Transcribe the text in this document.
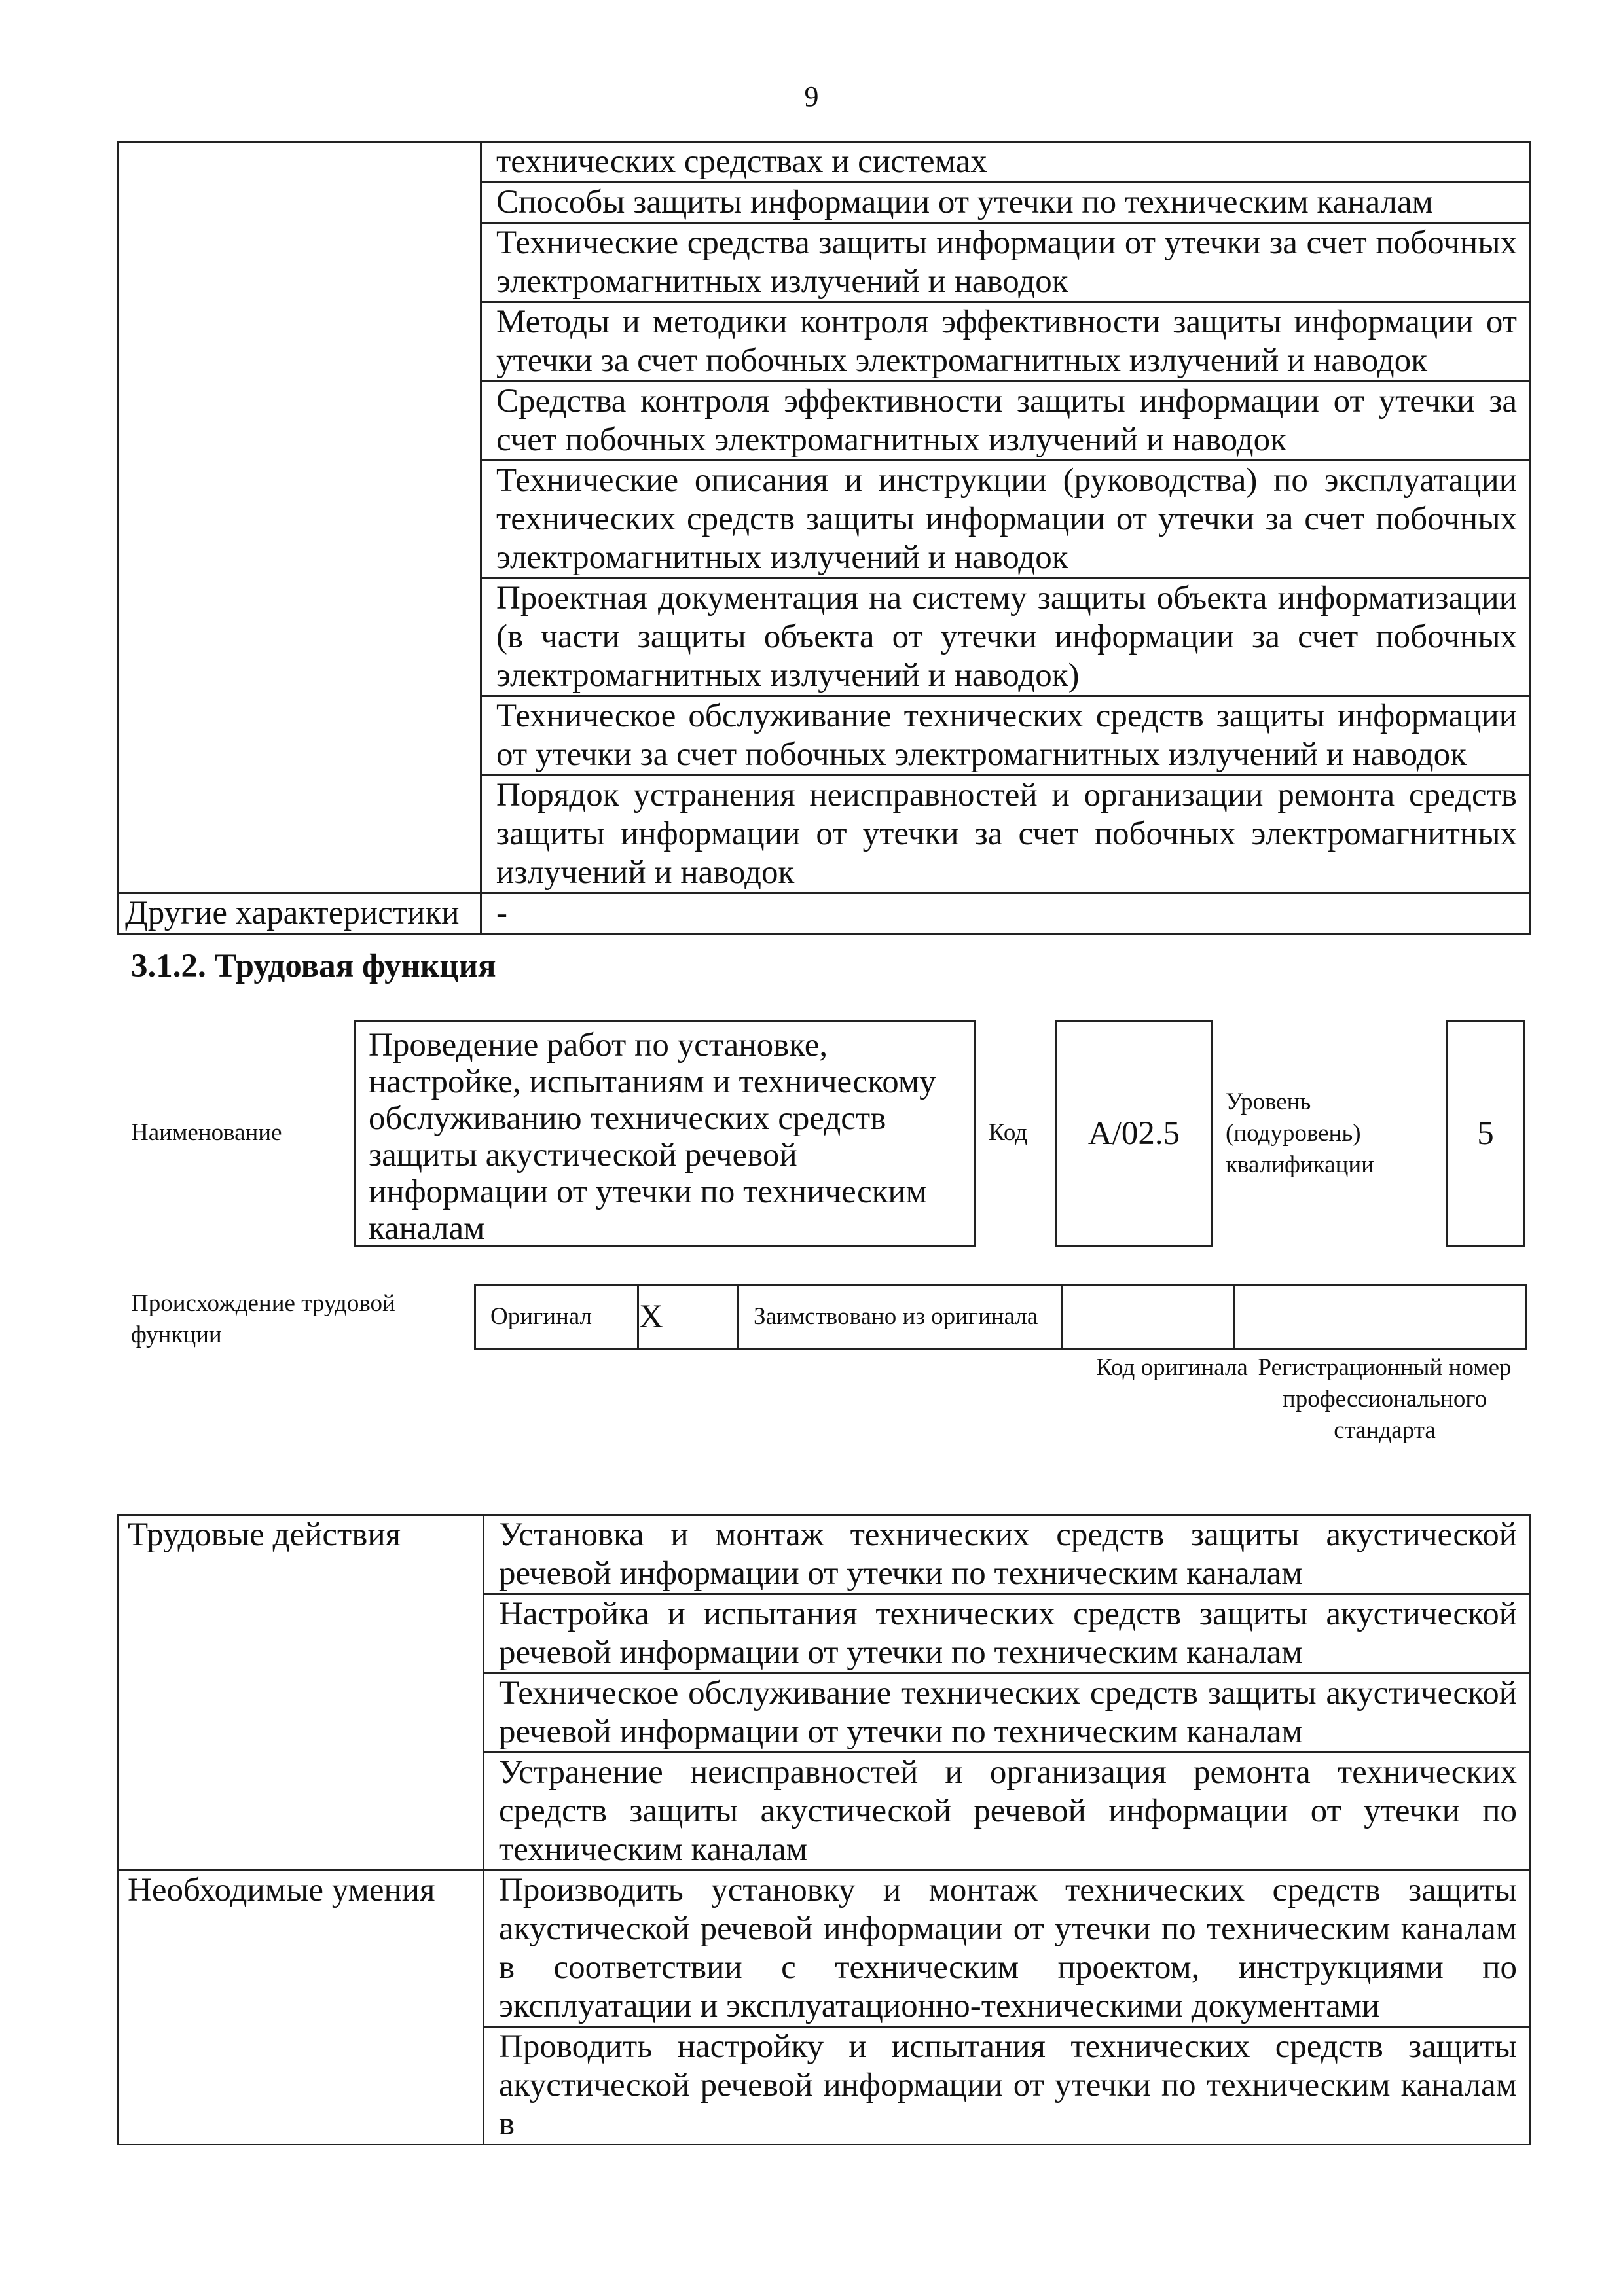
9
	технических средствах и системах
	Способы защиты информации от утечки по техническим каналам
	Технические средства защиты информации от утечки за счет побочных электромагнитных излучений и наводок
	Методы и методики контроля эффективности защиты информации от утечки за счет побочных электромагнитных излучений и наводок
	Средства контроля эффективности защиты информации от утечки за счет побочных электромагнитных излучений и наводок
	Технические описания и инструкции (руководства) по эксплуатации технических средств защиты информации от утечки за счет побочных электромагнитных излучений и наводок
	Проектная документация на систему защиты объекта информатизации (в части защиты объекта от утечки информации за счет побочных электромагнитных излучений и наводок)
	Техническое обслуживание технических средств защиты информации от утечки за счет побочных электромагнитных излучений и наводок
	Порядок устранения неисправностей и организации ремонта средств защиты информации от утечки за счет побочных электромагнитных излучений и наводок
Другие характеристики	-
3.1.2. Трудовая функция
Наименование
Проведение работ по установке, настройке, испытаниям и техническому обслуживанию технических средств защиты акустической речевой информации от утечки по техническим каналам
Код	А/02.5
Уровень (подуровень) квалификации
5
Происхождение трудовой функции
Оригинал	X	Заимствовано из оригинала		
Код оригинала Регистрационный номер профессионального стандарта
Трудовые действия	Установка и монтаж технических средств защиты акустической речевой информации от утечки по техническим каналам
	Настройка и испытания технических средств защиты акустической речевой информации от утечки по техническим каналам
	Техническое обслуживание технических средств защиты акустической речевой информации от утечки по техническим каналам
	Устранение неисправностей и организация ремонта технических средств защиты акустической речевой информации от утечки по техническим каналам
Необходимые умения	Производить установку и монтаж технических средств защиты акустической речевой информации от утечки по техническим каналам в соответствии с техническим проектом, инструкциями по эксплуатации и эксплуатационно-техническими документами
	Проводить настройку и испытания технических средств защиты акустической речевой информации от утечки по техническим каналам в
